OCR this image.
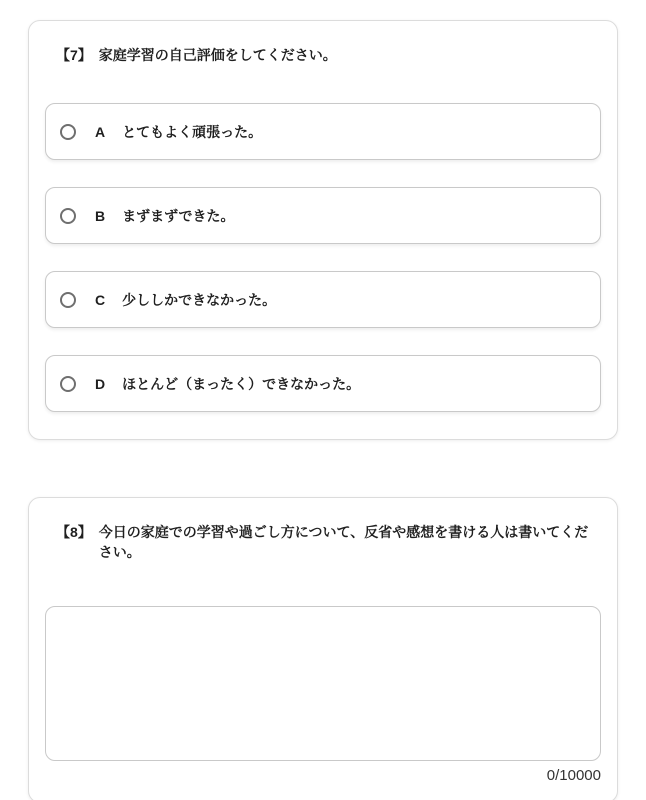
【7】 家庭学習の自己評価をしてください。
A とてもよく頑張った。
B まずまずできた。
C 少ししかできなかった。
D ほとんど（まったく）できなかった。
【8】 今日の家庭での学習や過ごし方について、反省や感想を書ける人は書いてください。
0/10000
